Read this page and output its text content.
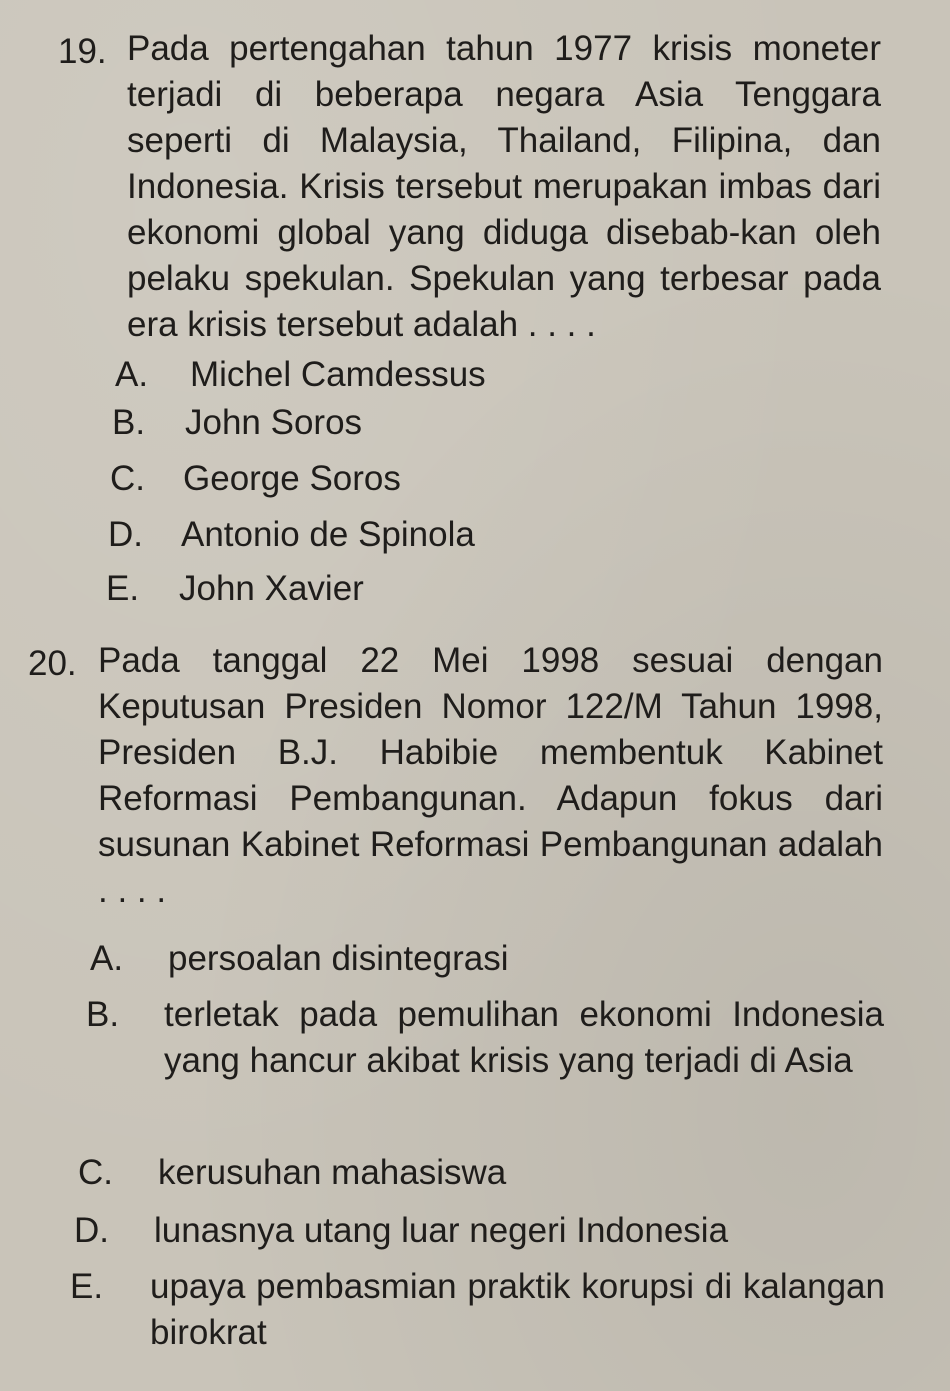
19. Pada pertengahan tahun 1977 krisis moneter terjadi di beberapa negara Asia Tenggara seperti di Malaysia, Thailand, Filipina, dan Indonesia. Krisis tersebut merupakan imbas dari ekonomi global yang diduga disebab-kan oleh pelaku spekulan. Spekulan yang terbesar pada era krisis tersebut adalah . . . .
A. Michel Camdessus
B. John Soros
C. George Soros
D. Antonio de Spinola
E. John Xavier
20. Pada tanggal 22 Mei 1998 sesuai dengan Keputusan Presiden Nomor 122/M Tahun 1998, Presiden B.J. Habibie membentuk Kabinet Reformasi Pembangunan. Adapun fokus dari susunan Kabinet Reformasi Pembangunan adalah . . . .
A. persoalan disintegrasi
B. terletak pada pemulihan ekonomi Indonesia yang hancur akibat krisis yang terjadi di Asia
C. kerusuhan mahasiswa
D. lunasnya utang luar negeri Indonesia
E. upaya pembasmian praktik korupsi di kalangan birokrat
